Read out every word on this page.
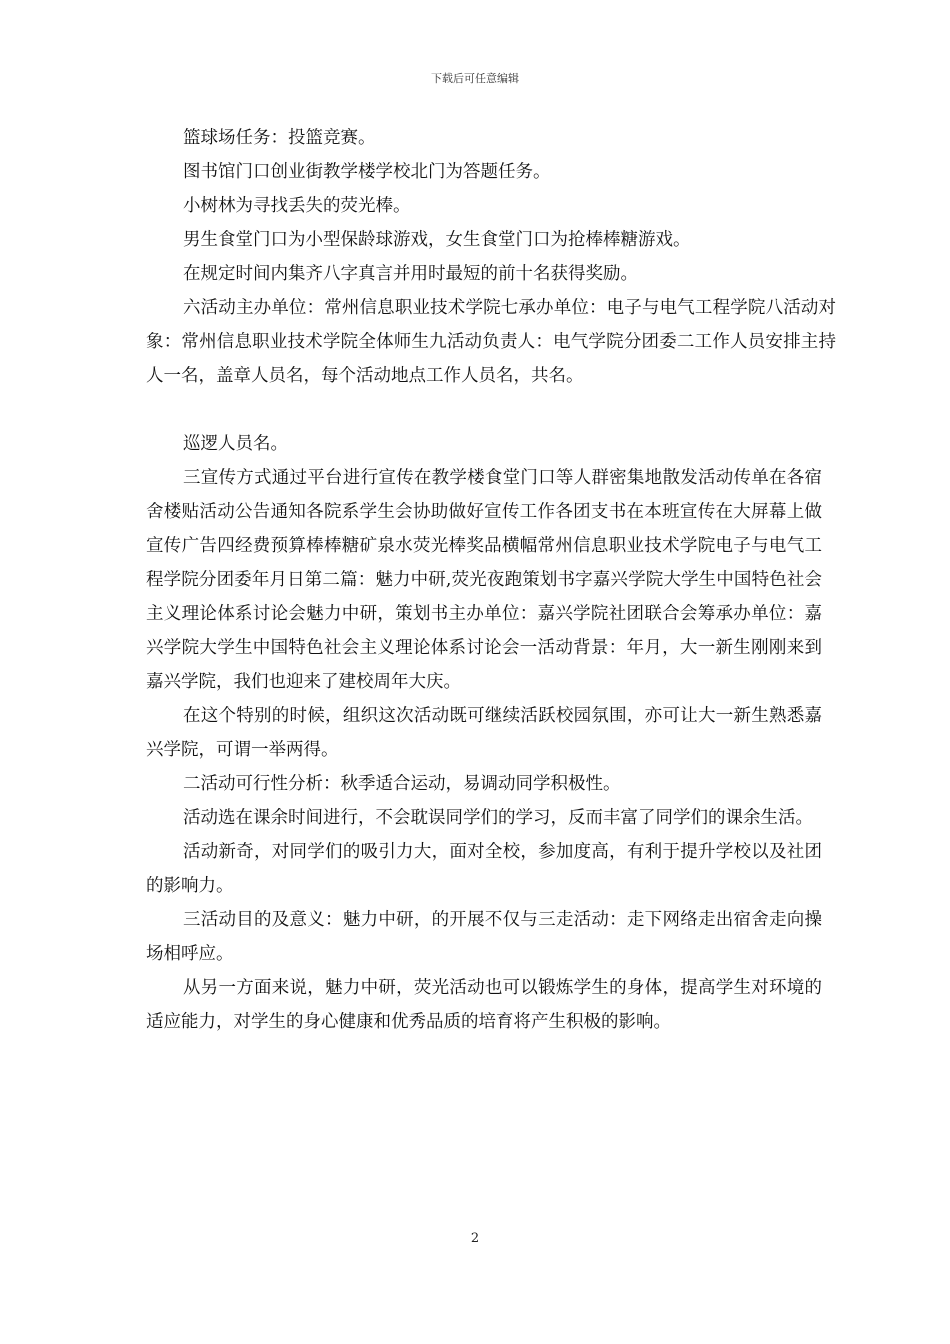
下载后可任意编辑

篮球场任务：投篮竞赛。

图书馆门口创业街教学楼学校北门为答题任务。

小树林为寻找丢失的荧光棒。

男生食堂门口为小型保龄球游戏，女生食堂门口为抢棒棒糖游戏。

在规定时间内集齐八字真言并用时最短的前十名获得奖励。

六活动主办单位：常州信息职业技术学院七承办单位：电子与电气工程学院八活动对象：常州信息职业技术学院全体师生九活动负责人：电气学院分团委二工作人员安排主持人一名，盖章人员名，每个活动地点工作人员名，共名。

巡逻人员名。

三宣传方式通过平台进行宣传在教学楼食堂门口等人群密集地散发活动传单在各宿舍楼贴活动公告通知各院系学生会协助做好宣传工作各团支书在本班宣传在大屏幕上做宣传广告四经费预算棒棒糖矿泉水荧光棒奖品横幅常州信息职业技术学院电子与电气工程学院分团委年月日第二篇：魅力中研,荧光夜跑策划书字嘉兴学院大学生中国特色社会主义理论体系讨论会魅力中研，策划书主办单位：嘉兴学院社团联合会筹承办单位：嘉兴学院大学生中国特色社会主义理论体系讨论会一活动背景：年月，大一新生刚刚来到嘉兴学院，我们也迎来了建校周年大庆。

在这个特别的时候，组织这次活动既可继续活跃校园氛围，亦可让大一新生熟悉嘉兴学院，可谓一举两得。

二活动可行性分析：秋季适合运动，易调动同学积极性。

活动选在课余时间进行，不会耽误同学们的学习，反而丰富了同学们的课余生活。

活动新奇，对同学们的吸引力大，面对全校，参加度高，有利于提升学校以及社团的影响力。

三活动目的及意义：魅力中研，的开展不仅与三走活动：走下网络走出宿舍走向操场相呼应。

从另一方面来说，魅力中研，荧光活动也可以锻炼学生的身体，提高学生对环境的适应能力，对学生的身心健康和优秀品质的培育将产生积极的影响。

2
